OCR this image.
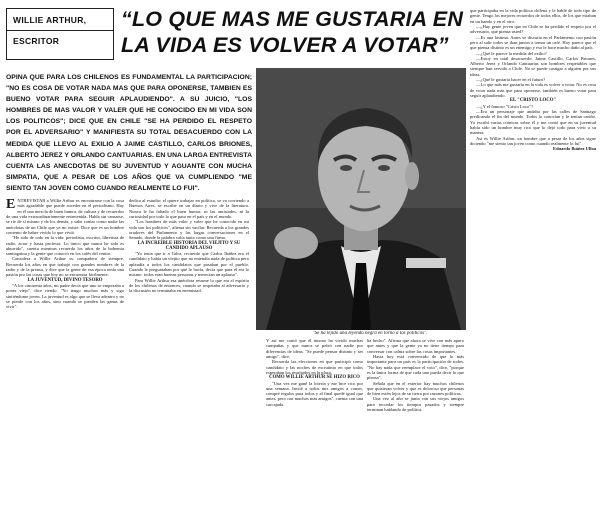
WILLIE ARTHUR,
ESCRITOR
“LO QUE MAS ME GUSTARIA EN
LA VIDA ES VOLVER A VOTAR”
OPINA QUE PARA LOS CHILENOS ES FUNDAMENTAL LA PARTICIPACION; "NO ES COSA DE VOTAR NADA MAS QUE PARA OPONERSE, TAMBIEN ES BUENO VOTAR PARA SEGUIR APLAUDIENDO". A SU JUICIO, "LOS HOMBRES DE MAS VALOR Y VALER QUE HE CONOCIDO EN MI VIDA SON LOS POLITICOS"; DICE QUE EN CHILE "SE HA PERDIDO EL RESPETO POR EL ADVERSARIO" Y MANIFIESTA SU TOTAL DESACUERDO CON LA MEDIDA QUE LLEVO AL EXILIO A JAIME CASTILLO, CARLOS BRIONES, ALBERTO JEREZ Y ORLANDO CANTUARIAS. EN UNA LARGA ENTREVISTA CUENTA LAS ANECDOTAS DE SU JUVENTUD Y AGUANTE CON MUCHA SIMPATIA, QUE A PESAR DE LOS AÑOS QUE VA CUMPLIENDO "ME SIENTO TAN JOVEN COMO CUANDO REALMENTE LO FUI".
"Se ha tejido una leyenda negra en torno a los políticos".

ENTREVISTAR a Willie Arthur es encontrarse con la cosa más agradable que puede suceder en el periodismo. Hay en él una mezcla de buen humor, de cultura y de recuerdos de una vida extraordinariamente entretenida. Habla sin cansarse, se ríe de sí mismo y de los demás, y sabe contar como nadie las anécdotas de un Chile que ya no existe. Dice que es un hombre contento de haber vivido lo que vivió.

"He sido de todo en la vida: periodista, escritor, libretista de radio, actor y hasta profesor. Lo único que nunca he sido es aburrido", cuenta mientras recuerda los años de la bohemia santiaguina y la gente que conoció en los cafés del centro.

Considera a Willie Arthur su compañero de siempre. Recuerda los años en que trabajó con grandes nombres de la radio y de la prensa, y dice que la gente de esa época tenía una pasión por las cosas que hoy no se encuentra fácilmente.

LA JUVENTUD, DIVINO TESORO

"A los cincuenta años, mi padre decía que uno se empezaba a poner viejo", dice riendo. "Yo tengo muchos más y sigo sintiéndome joven. La juventud es algo que se lleva adentro y no se pierde con los años, sino cuando se pierden las ganas de vivir".

dedica al estudio; el quiere trabajar en política, se va corriendo a Buenos Aires, se escribe en un diario y vive de la literatura. Nunca le ha faltado el buen humor, ni las amistades, ni la curiosidad por todo lo que pasa en el país y en el mundo.

"Los hombres de más valor y valer que he conocido en mi vida son los políticos", afirma sin vacilar. Recuerda a los grandes oradores del Parlamento y las largas conversaciones en el Senado, donde la palabra valía tanto como una firma.

LA INCREIBLE HISTORIA DEL VIEJITO Y SU CANDIDO APLAUSO

"Yo tenía que ir a Talca, recuerdo que Carlos Ibáñez era el candidato y había un viejito que no entendía nada de política pero aplaudía a todos los candidatos que pasaban por el pueblo. Cuando le preguntaban por qué lo hacía, decía que para él era lo mismo: todos eran buenas personas y merecían un aplauso".

Para Willie Arthur esa anécdota resume lo que era el espíritu de los chilenos de entonces, cuando se respetaba al adversario y la discusión no terminaba en enemistad.

Y así me contó que él mismo ha vivido muchas campañas y que nunca se peleó con nadie por diferencias de ideas. "Se puede pensar distinto y ser amigo", dice.

Recuerda las elecciones en que participó como candidato y las noches de escrutinio en que todos esperaban los resultados en la plaza.

COMO WILLIE ARTHUR SE HIZO RICO

"Una vez me gané la lotería y me hice rico por una semana. Invité a todos mis amigos a comer, compré regalos para todos y al final quedé igual que antes, pero con muchos más amigos", cuenta con una carcajada.

ha hecho". Afirma que ahora se vive con más apuro que antes y que la gente ya no tiene tiempo para conversar con calma sobre las cosas importantes.

Hasta hoy está convencido de que lo más importante para un país es la participación de todos. "No hay nada que reemplace el voto", dice, "porque es la única forma de que cada uno pueda decir lo que piensa".

Señala que en el exterior hay muchos chilenos que quisieran volver y que es doloroso que personas de bien estén lejos de su tierra por razones políticas.

Una vez al año se junta con sus viejos amigos para recordar los tiempos pasados y siempre terminan hablando de política.

que participaba en la vida política chilena y le hablé de todo tipo de gente. Tengo los mejores recuerdos de todos ellos, de los que estaban en un bando y en el otro.

—¿Hay gente joven que en Chile se ha perdido el respeto por el adversario, qué piensa usted?

—Es una lástima. Antes se discutía en el Parlamento con pasión pero al salir todos se iban juntos a tomar un café. Hoy parece que el que piensa distinto es un enemigo y eso le hace mucho daño al país.

—¿Qué le parece la medida del exilio?

—Estoy en total desacuerdo. Jaime Castillo, Carlos Briones, Alberto Jerez y Orlando Cantuarias son hombres respetables que siempre han servido a Chile. No se puede castigar a alguien por sus ideas.

—¿Qué le gustaría hacer en el futuro?

—Lo que más me gustaría en la vida es volver a votar. No es cosa de votar nada más que para oponerse, también es bueno votar para seguir aplaudiendo.

EL "CRISTO LOCO"

—¿Y el famoso "Cristo Loco"?

—Era un personaje que andaba por las calles de Santiago predicando el fin del mundo. Todos lo conocían y le tenían cariño. Yo escribí varias crónicas sobre él y me contó que en su juventud había sido un hombre muy rico que lo dejó todo para vivir a su manera.

Así es Willie Arthur, un hombre que a pesar de los años sigue diciendo "me siento tan joven como cuando realmente lo fui".

Eduardo Ibáñez Ulloa
